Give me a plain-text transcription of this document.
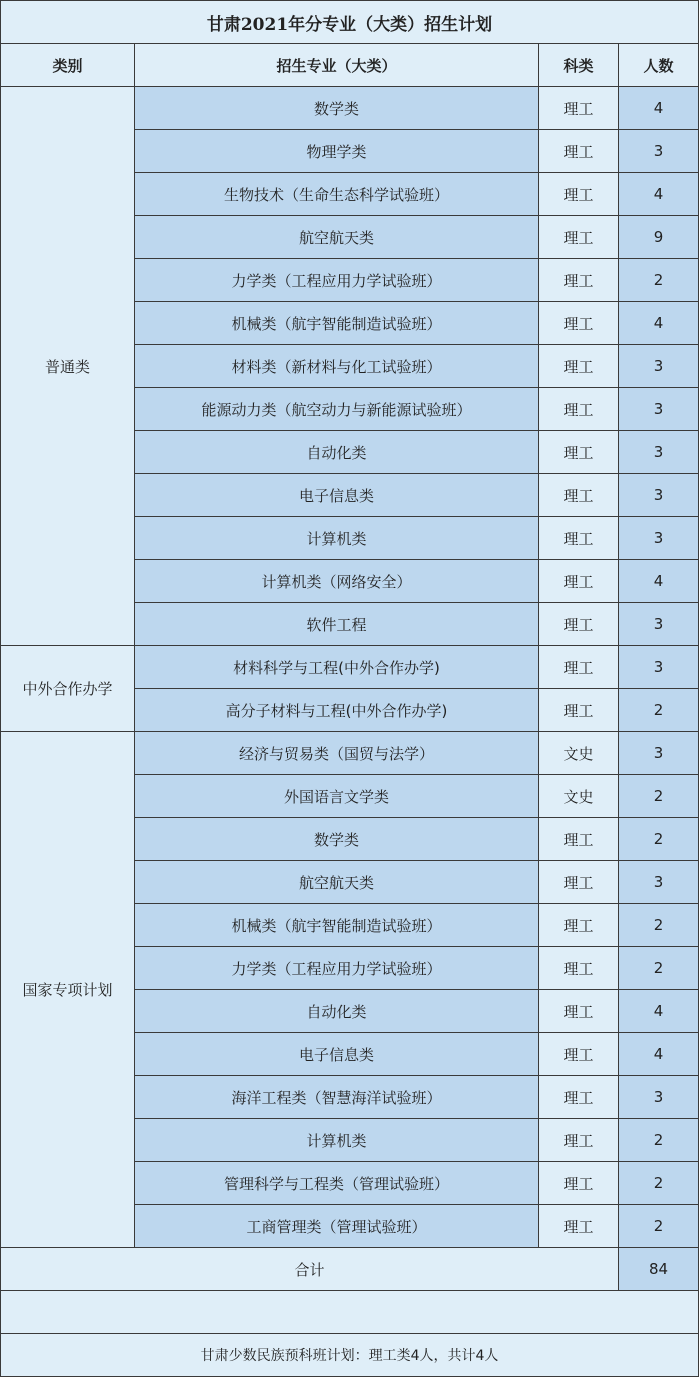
甘肃2021年分专业（大类）招生计划			
类别	招生专业（大类）	科类	人数
普通类	数学类	理工	4
	物理学类	理工	3
	生物技术（生命生态科学试验班）	理工	4
	航空航天类	理工	9
	力学类（工程应用力学试验班）	理工	2
	机械类（航宇智能制造试验班）	理工	4
	材料类（新材料与化工试验班）	理工	3
	能源动力类（航空动力与新能源试验班）	理工	3
	自动化类	理工	3
	电子信息类	理工	3
	计算机类	理工	3
	计算机类（网络安全）	理工	4
	软件工程	理工	3
中外合作办学	材料科学与工程(中外合作办学)	理工	3
	高分子材料与工程(中外合作办学)	理工	2
国家专项计划	经济与贸易类（国贸与法学）	文史	3
	外国语言文学类	文史	2
	数学类	理工	2
	航空航天类	理工	3
	机械类（航宇智能制造试验班）	理工	2
	力学类（工程应用力学试验班）	理工	2
	自动化类	理工	4
	电子信息类	理工	4
	海洋工程类（智慧海洋试验班）	理工	3
	计算机类	理工	2
	管理科学与工程类（管理试验班）	理工	2
	工商管理类（管理试验班）	理工	2
合计			84

甘肃少数民族预科班计划：理工类4人，共计4人			
